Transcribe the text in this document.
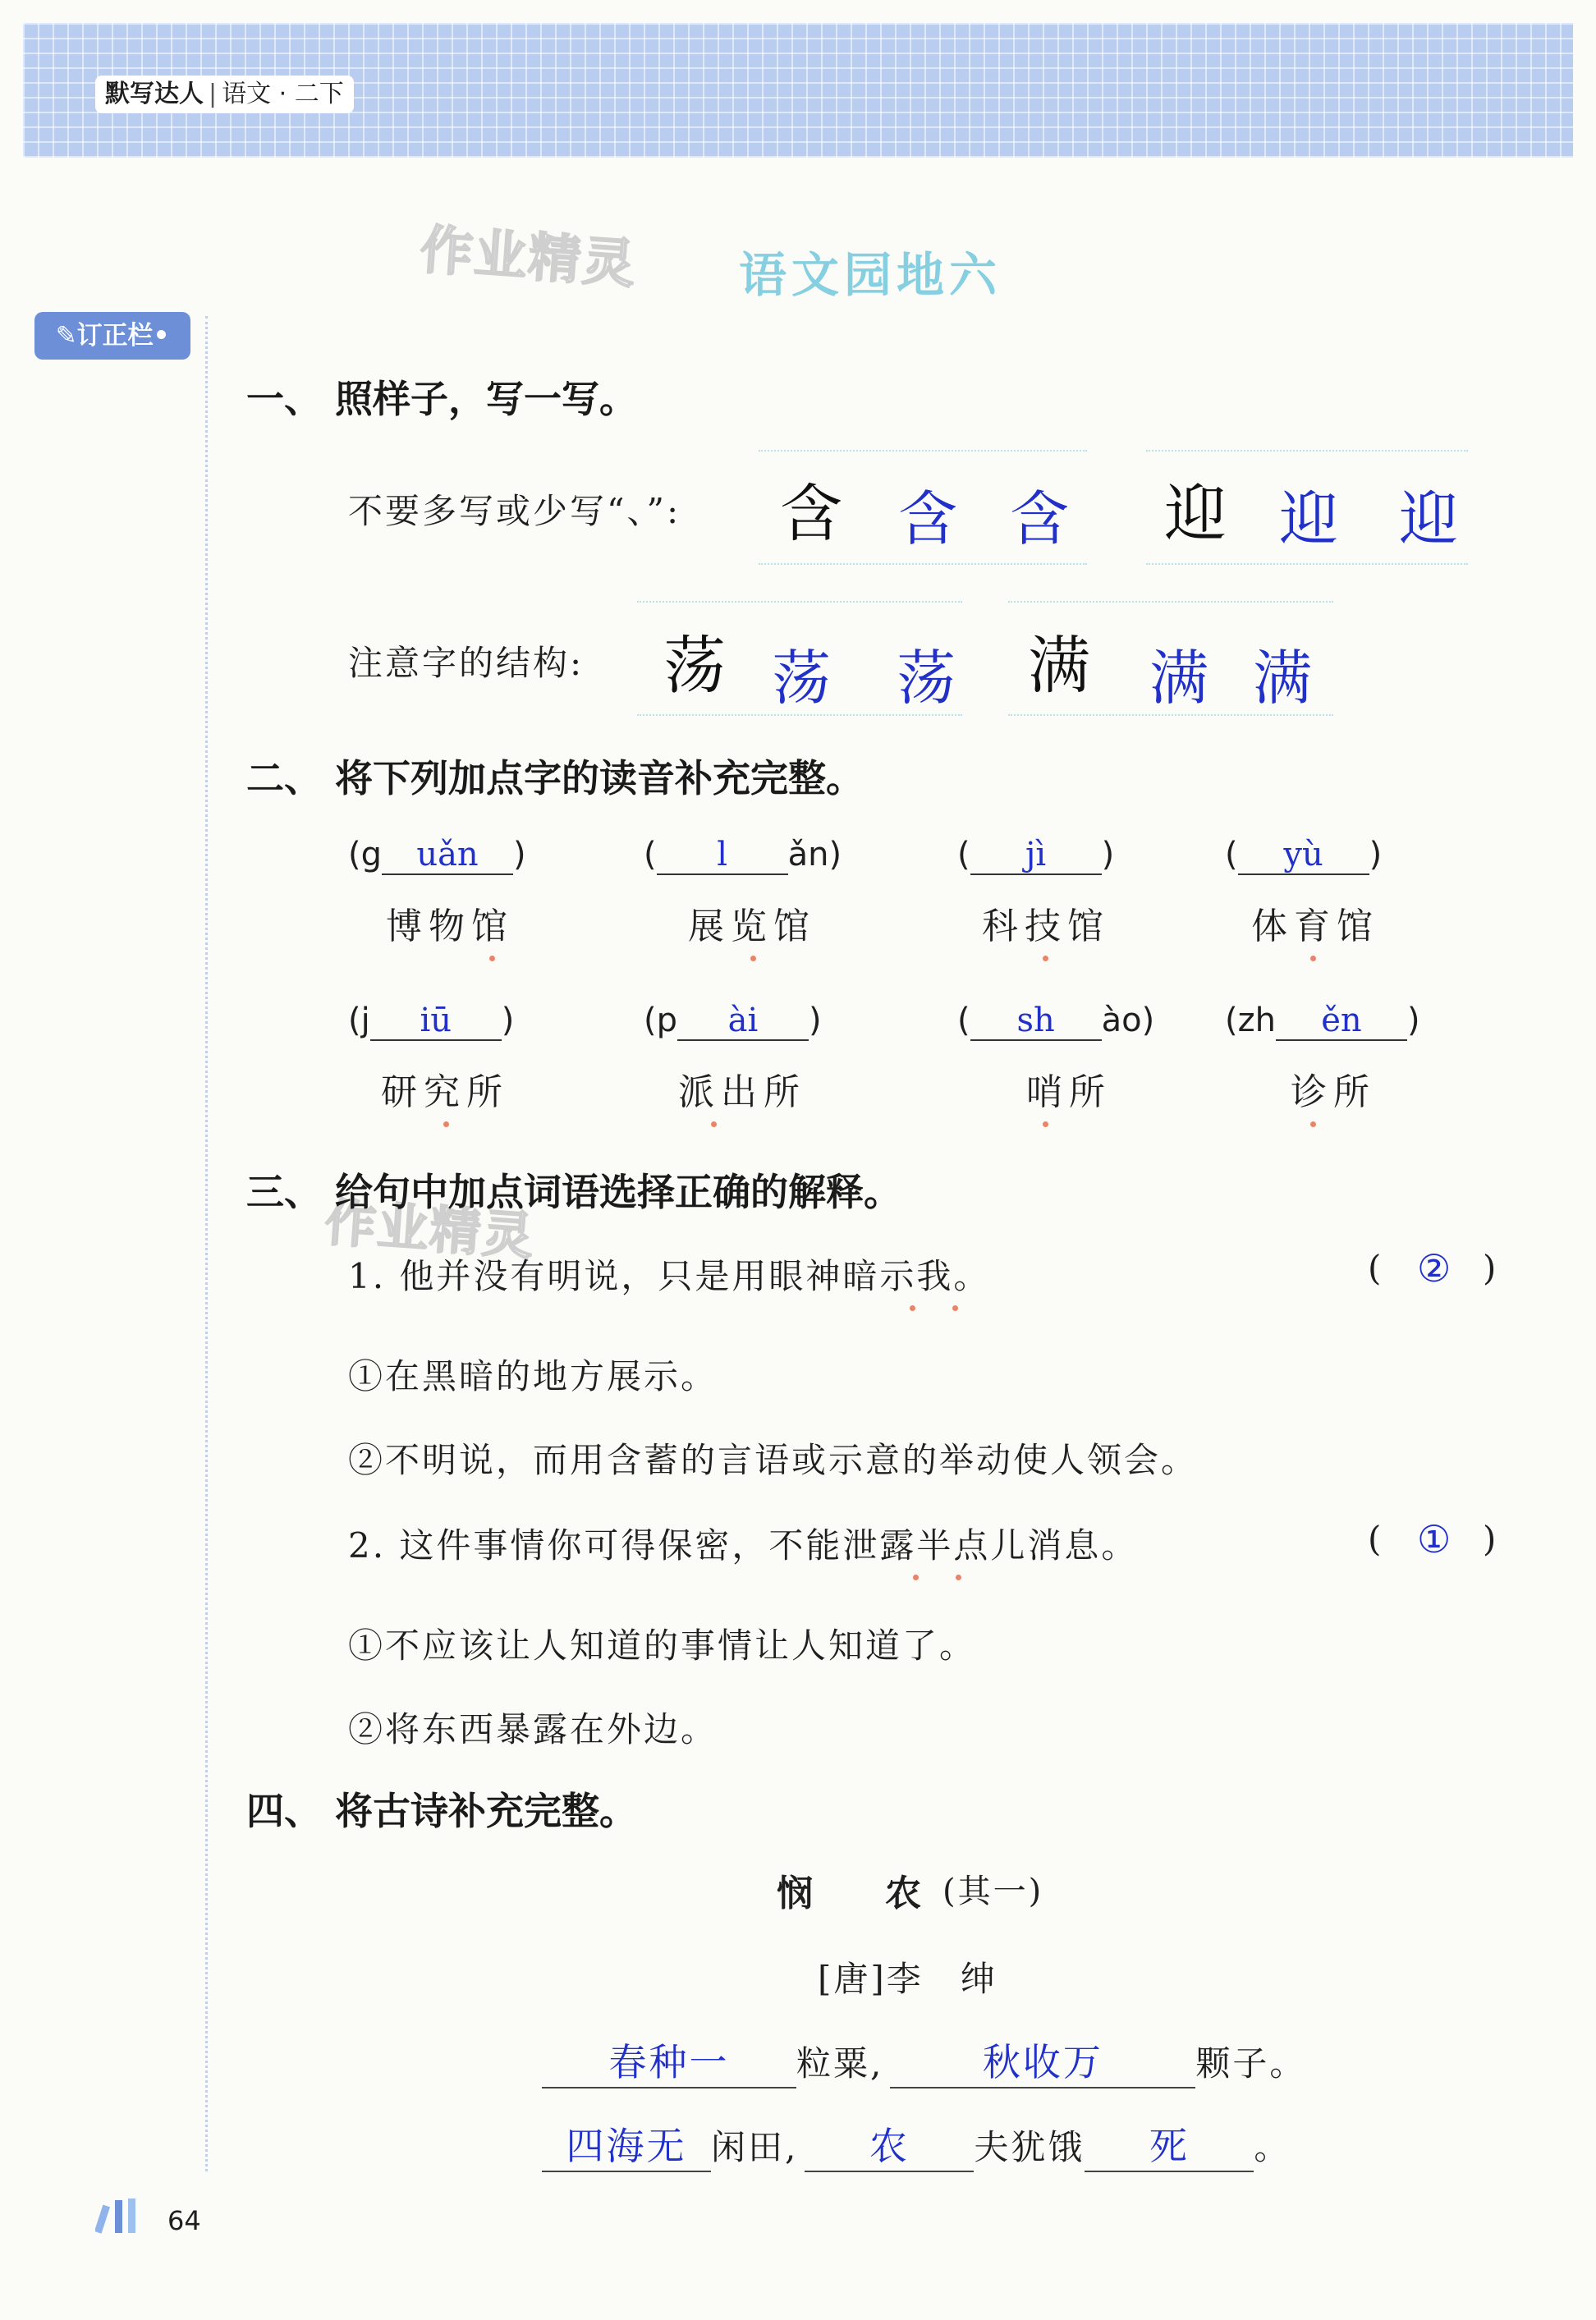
默写达人 | 语文 · 二下
✎订正栏•
作业精灵
作业精灵
语文园地六
一、 照样子，写一写。
不要多写或少写“、”: 含 含 含 迎 迎 迎
注意字的结构: 荡 荡 荡 满 满 满
二、 将下列加点字的读音补充完整。
(g uǎn )	( l ǎn)	( jì )	( yù )
博物馆	展览馆	科技馆	体育馆
(j iū )	(p ài )	( sh ào) (zh ěn )
研究所	派出所	哨所	诊所
三、 给句中加点词语选择正确的解释。
1. 他并没有明说，只是用眼神暗示我。	( ② )
①在黑暗的地方展示。
②不明说，而用含蓄的言语或示意的举动使人领会。
2. 这件事情你可得保密，不能泄露半点儿消息。	( ① )
①不应该让人知道的事情让人知道了。
②将东西暴露在外边。
四、 将古诗补充完整。
悯　　农 (其一)
[唐]李　绅
春种一 粒粟,	秋收万	颗子。
四海无 闲田, 农 夫犹饿 死 。
64
